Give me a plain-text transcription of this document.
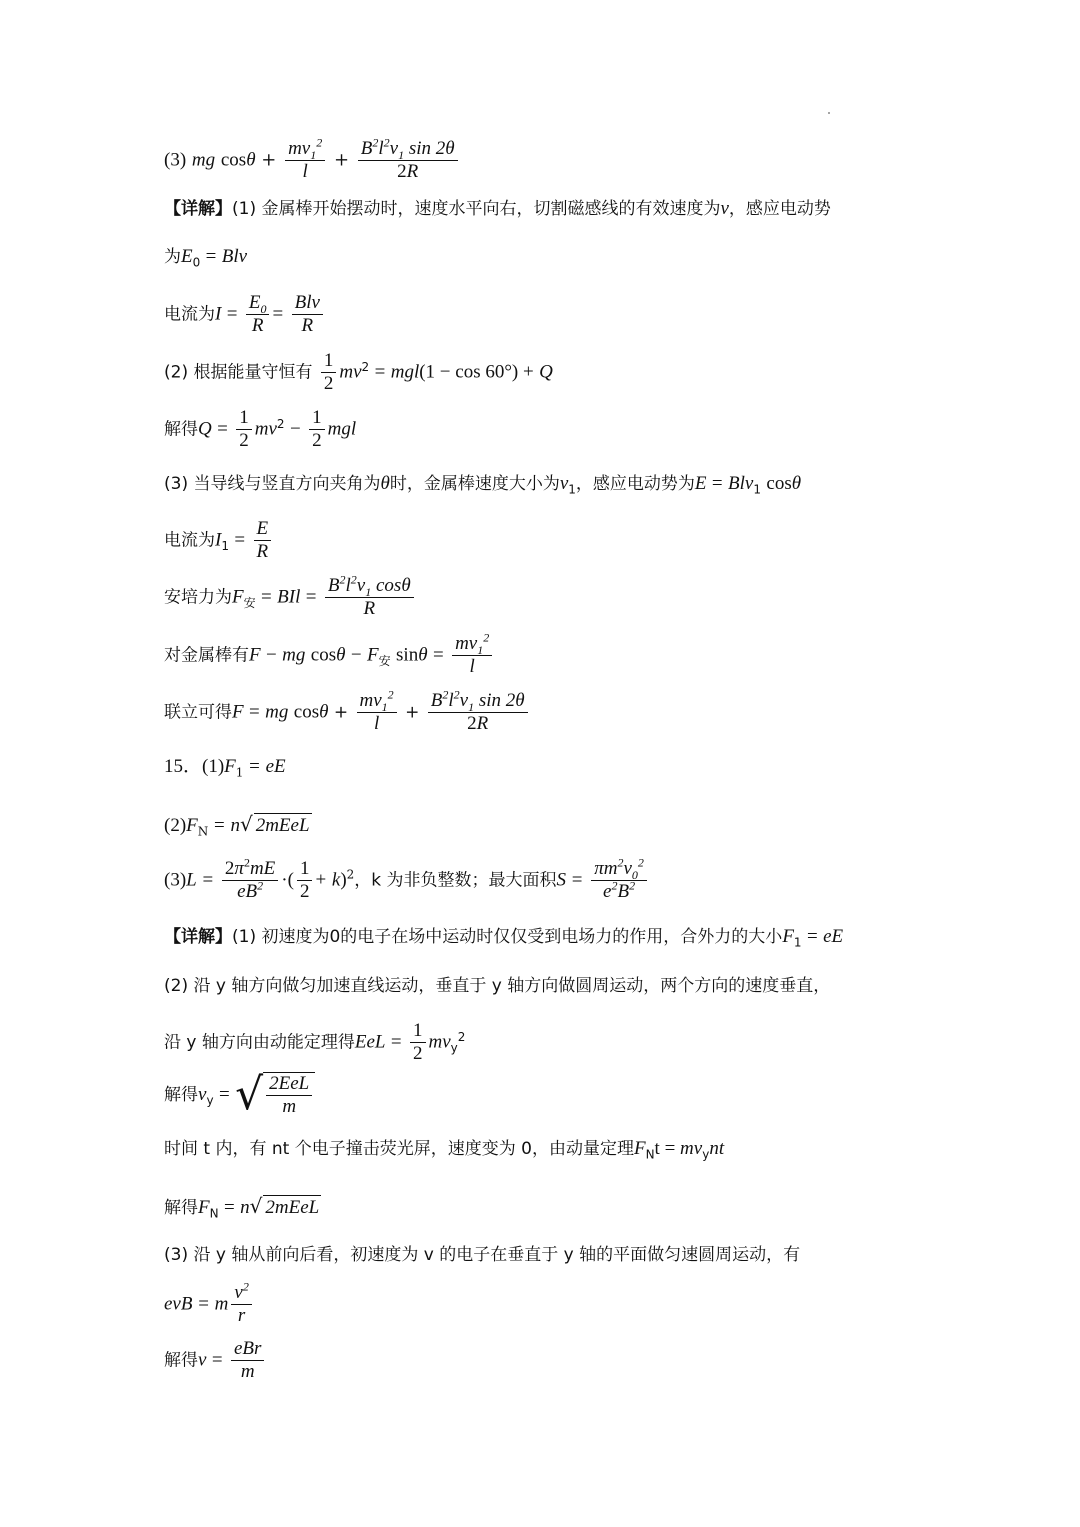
(3) mg $\cos\theta + \frac{mv_1^2}{l} + \frac{B^2l^2v_1 \sin 2\theta}{2R}$
【详解】(1) 金属棒开始摆动时，速度水平向右，切割磁感线的有效速度为v，感应电动势
为$E_0$ = Blv
电流为$I = \frac{E_0}{R}$ =
Blv
R
(2) 根据能量守恒有 $\frac{1}{2} mv^2 = mgl(1 - \cos 60^\circ) + Q$
解得$Q = \frac{1}{2} mv^2 - \frac{1}{2}$ mgl
(3) 当导线与竖直方向夹角为θ时，金属棒速度大小为$v_1$，感应电动势为E = Blv$_1$ cosθ
电流为$I_1 = \frac{E}{R}$
安培力为$F_安$ = BIl = $\frac{B^2l^2v_1 \cos\theta}{R}$
对金属棒有F − mg $\cos\theta - F_安$ $\sin\theta = \frac{mv_1^2}{l}$
联立可得F = mg $\cos\theta + \frac{mv_1^2}{l} + \frac{B^2l^2v_1 \sin 2\theta}{2R}$
15．$(1)F_1$ = eE
$(2)F_N = n√$ 2mEeL
$(3)L = \frac{2\pi^2mE}{eB^2}$ ·( $\frac{1}{2} + k)^2$，k 为非负整数；最大面积$S = \frac{\pi m^2v_0^2}{e^2B^2}$
【详解】(1) 初速度为0的电子在场中运动时仅仅受到电场力的作用，合外力的大小$F_1$ = eE
(2) 沿 y 轴方向做匀加速直线运动，垂直于 y 轴方向做圆周运动，两个方向的速度垂直，
沿 y 轴方向由动能定理得EeL = $\frac{1}{2} mv_y^2$
解得$v_y$ = √ 2EeL
m
时间 t 内，有 nt 个电子撞击荧光屏，速度变为 0，由动量定理$F_Nt = mv_ynt$
解得$F_N = n√$ 2mEeL
(3) 沿 y 轴从前向后看，初速度为 v 的电子在垂直于 y 轴的平面做匀速圆周运动，有
evB = m $\frac{v^2}{r}$
解得v =
eBr
m
